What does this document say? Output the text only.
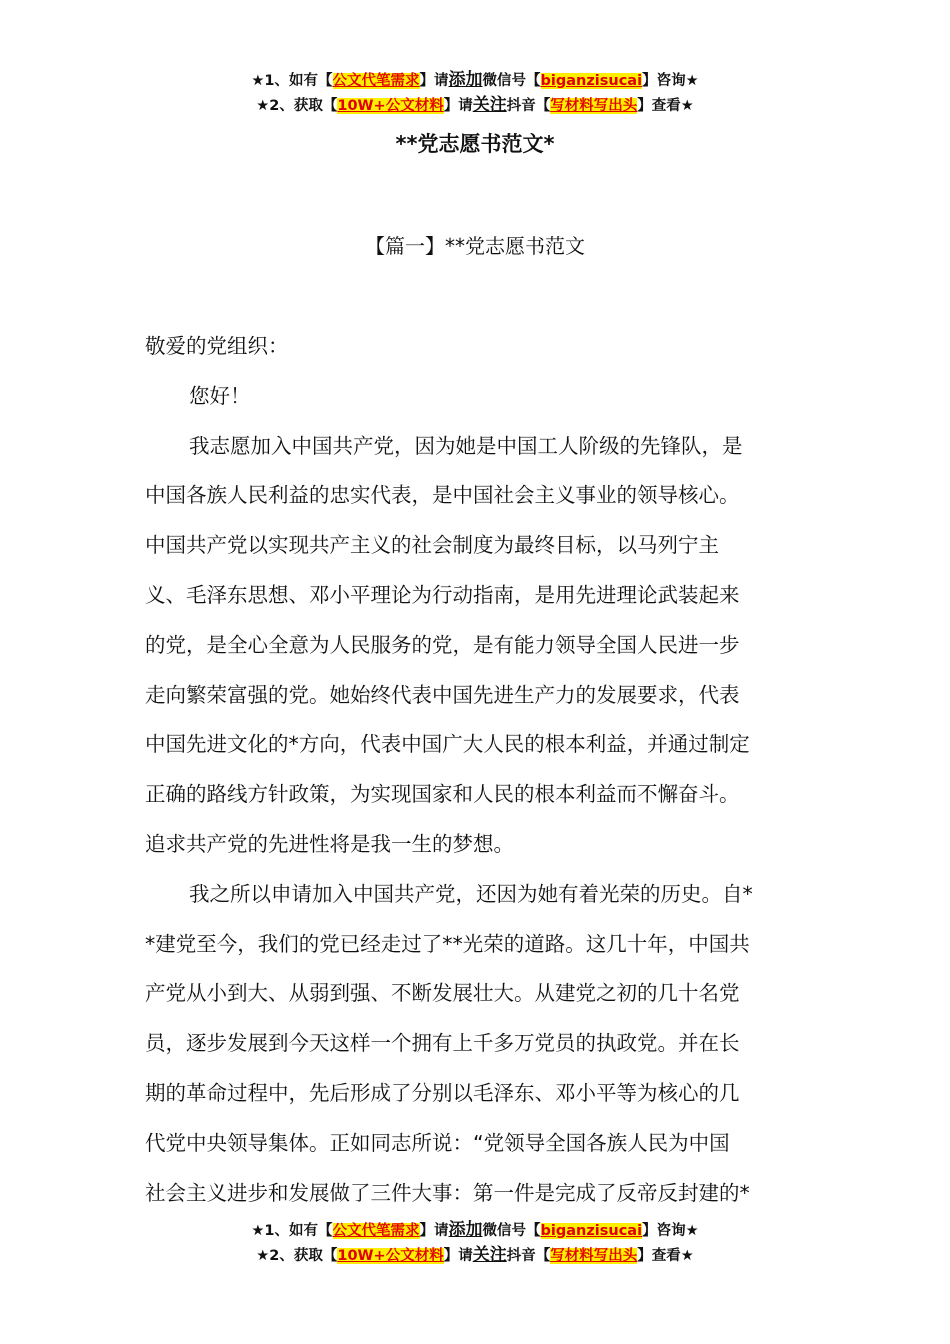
★1、如有【公文代笔需求】请添加微信号【biganzisucai】咨询★
★2、获取【10W+公文材料】请关注抖音【写材料写出头】查看★
**党志愿书范文*
【篇一】**党志愿书范文
敬爱的党组织：
您好！
我志愿加入中国共产党，因为她是中国工人阶级的先锋队，是
中国各族人民利益的忠实代表，是中国社会主义事业的领导核心。
中国共产党以实现共产主义的社会制度为最终目标，以马列宁主
义、毛泽东思想、邓小平理论为行动指南，是用先进理论武装起来
的党，是全心全意为人民服务的党，是有能力领导全国人民进一步
走向繁荣富强的党。她始终代表中国先进生产力的发展要求，代表
中国先进文化的*方向，代表中国广大人民的根本利益，并通过制定
正确的路线方针政策，为实现国家和人民的根本利益而不懈奋斗。
追求共产党的先进性将是我一生的梦想。
我之所以申请加入中国共产党，还因为她有着光荣的历史。自*
*建党至今，我们的党已经走过了**光荣的道路。这几十年，中国共
产党从小到大、从弱到强、不断发展壮大。从建党之初的几十名党
员，逐步发展到今天这样一个拥有上千多万党员的执政党。并在长
期的革命过程中，先后形成了分别以毛泽东、邓小平等为核心的几
代党中央领导集体。正如同志所说：“党领导全国各族人民为中国
社会主义进步和发展做了三件大事：第一件是完成了反帝反封建的*
★1、如有【公文代笔需求】请添加微信号【biganzisucai】咨询★
★2、获取【10W+公文材料】请关注抖音【写材料写出头】查看★
